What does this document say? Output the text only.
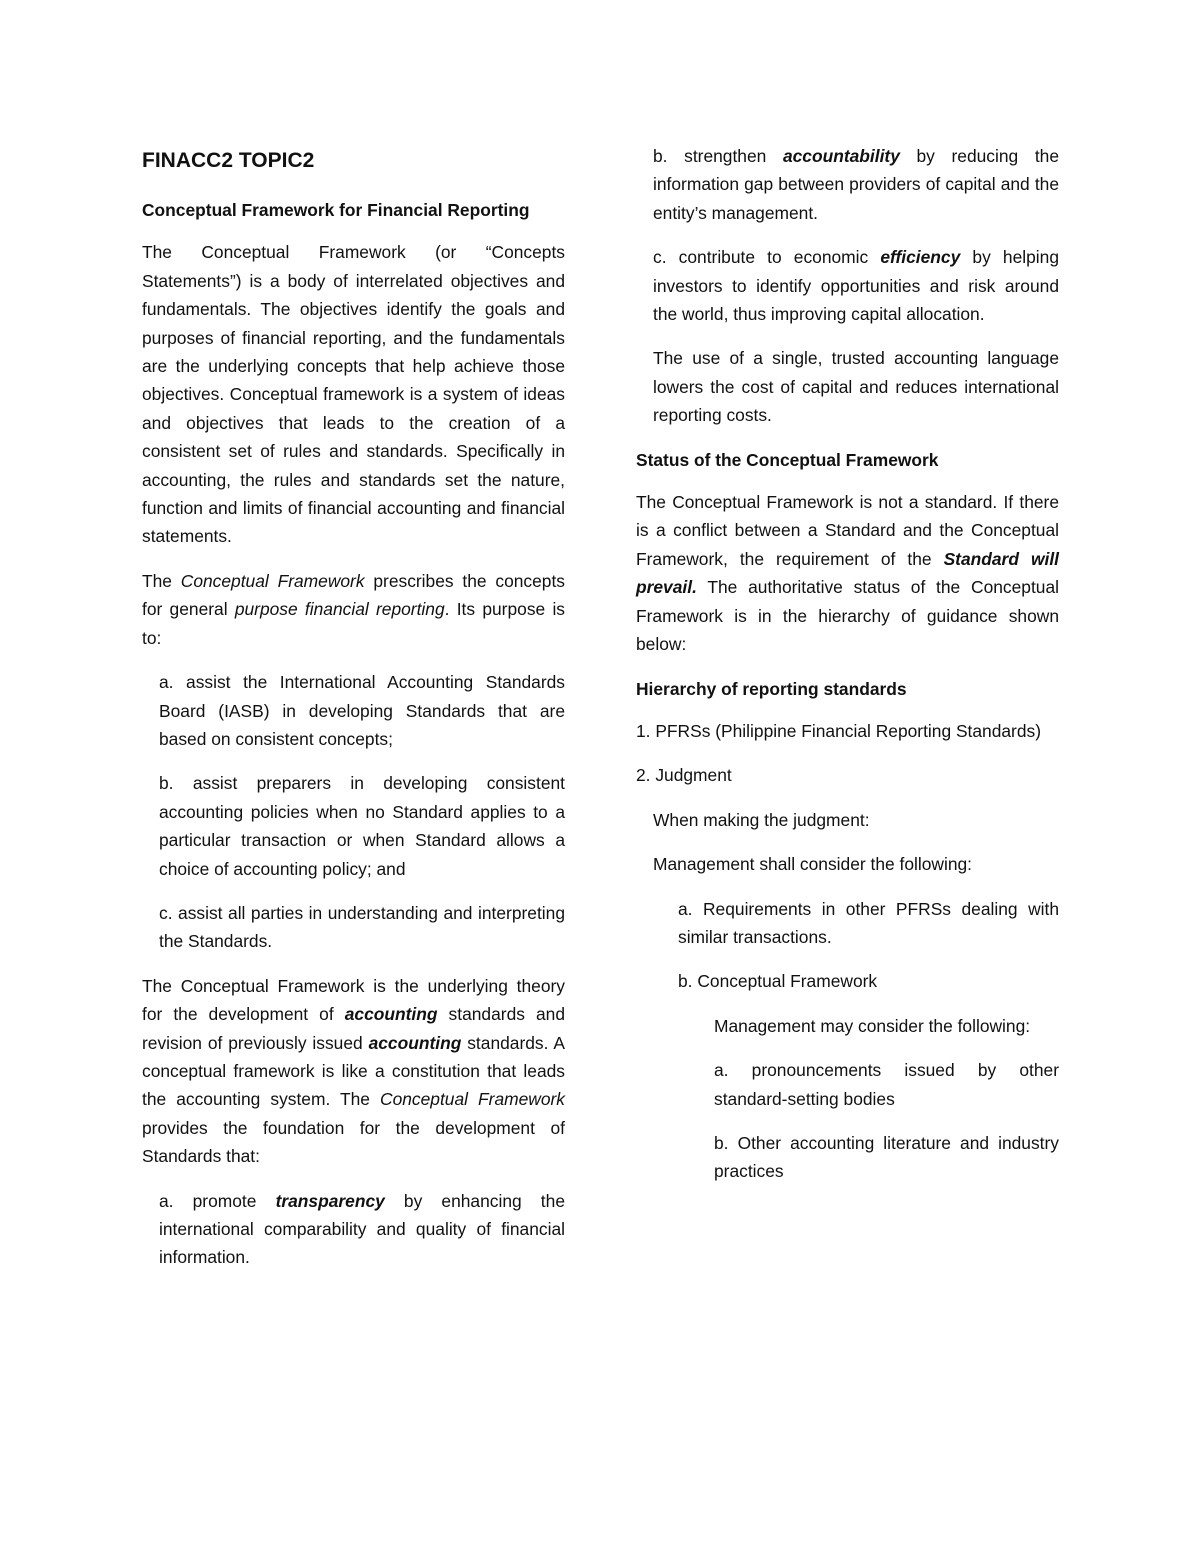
FINACC2 TOPIC2

Conceptual Framework for Financial Reporting

The Conceptual Framework (or “Concepts Statements”) is a body of interrelated objectives and fundamentals. The objectives identify the goals and purposes of financial reporting, and the fundamentals are the underlying concepts that help achieve those objectives. Conceptual framework is a system of ideas and objectives that leads to the creation of a consistent set of rules and standards. Specifically in accounting, the rules and standards set the nature, function and limits of financial accounting and financial statements.

The Conceptual Framework prescribes the concepts for general purpose financial reporting. Its purpose is to:

a. assist the International Accounting Standards Board (IASB) in developing Standards that are based on consistent concepts;

b. assist preparers in developing consistent accounting policies when no Standard applies to a particular transaction or when Standard allows a choice of accounting policy; and

c. assist all parties in understanding and interpreting the Standards.

The Conceptual Framework is the underlying theory for the development of accounting standards and revision of previously issued accounting standards. A conceptual framework is like a constitution that leads the accounting system. The Conceptual Framework provides the foundation for the development of Standards that:

a. promote transparency by enhancing the international comparability and quality of financial information.

b. strengthen accountability by reducing the information gap between providers of capital and the entity’s management.

c. contribute to economic efficiency by helping investors to identify opportunities and risk around the world, thus improving capital allocation.

The use of a single, trusted accounting language lowers the cost of capital and reduces international reporting costs.

Status of the Conceptual Framework

The Conceptual Framework is not a standard. If there is a conflict between a Standard and the Conceptual Framework, the requirement of the Standard will prevail. The authoritative status of the Conceptual Framework is in the hierarchy of guidance shown below:

Hierarchy of reporting standards

1. PFRSs (Philippine Financial Reporting Standards)

2. Judgment

When making the judgment:

Management shall consider the following:

a. Requirements in other PFRSs dealing with similar transactions.

b. Conceptual Framework

Management may consider the following:

a. pronouncements issued by other standard-setting bodies

b. Other accounting literature and industry practices
